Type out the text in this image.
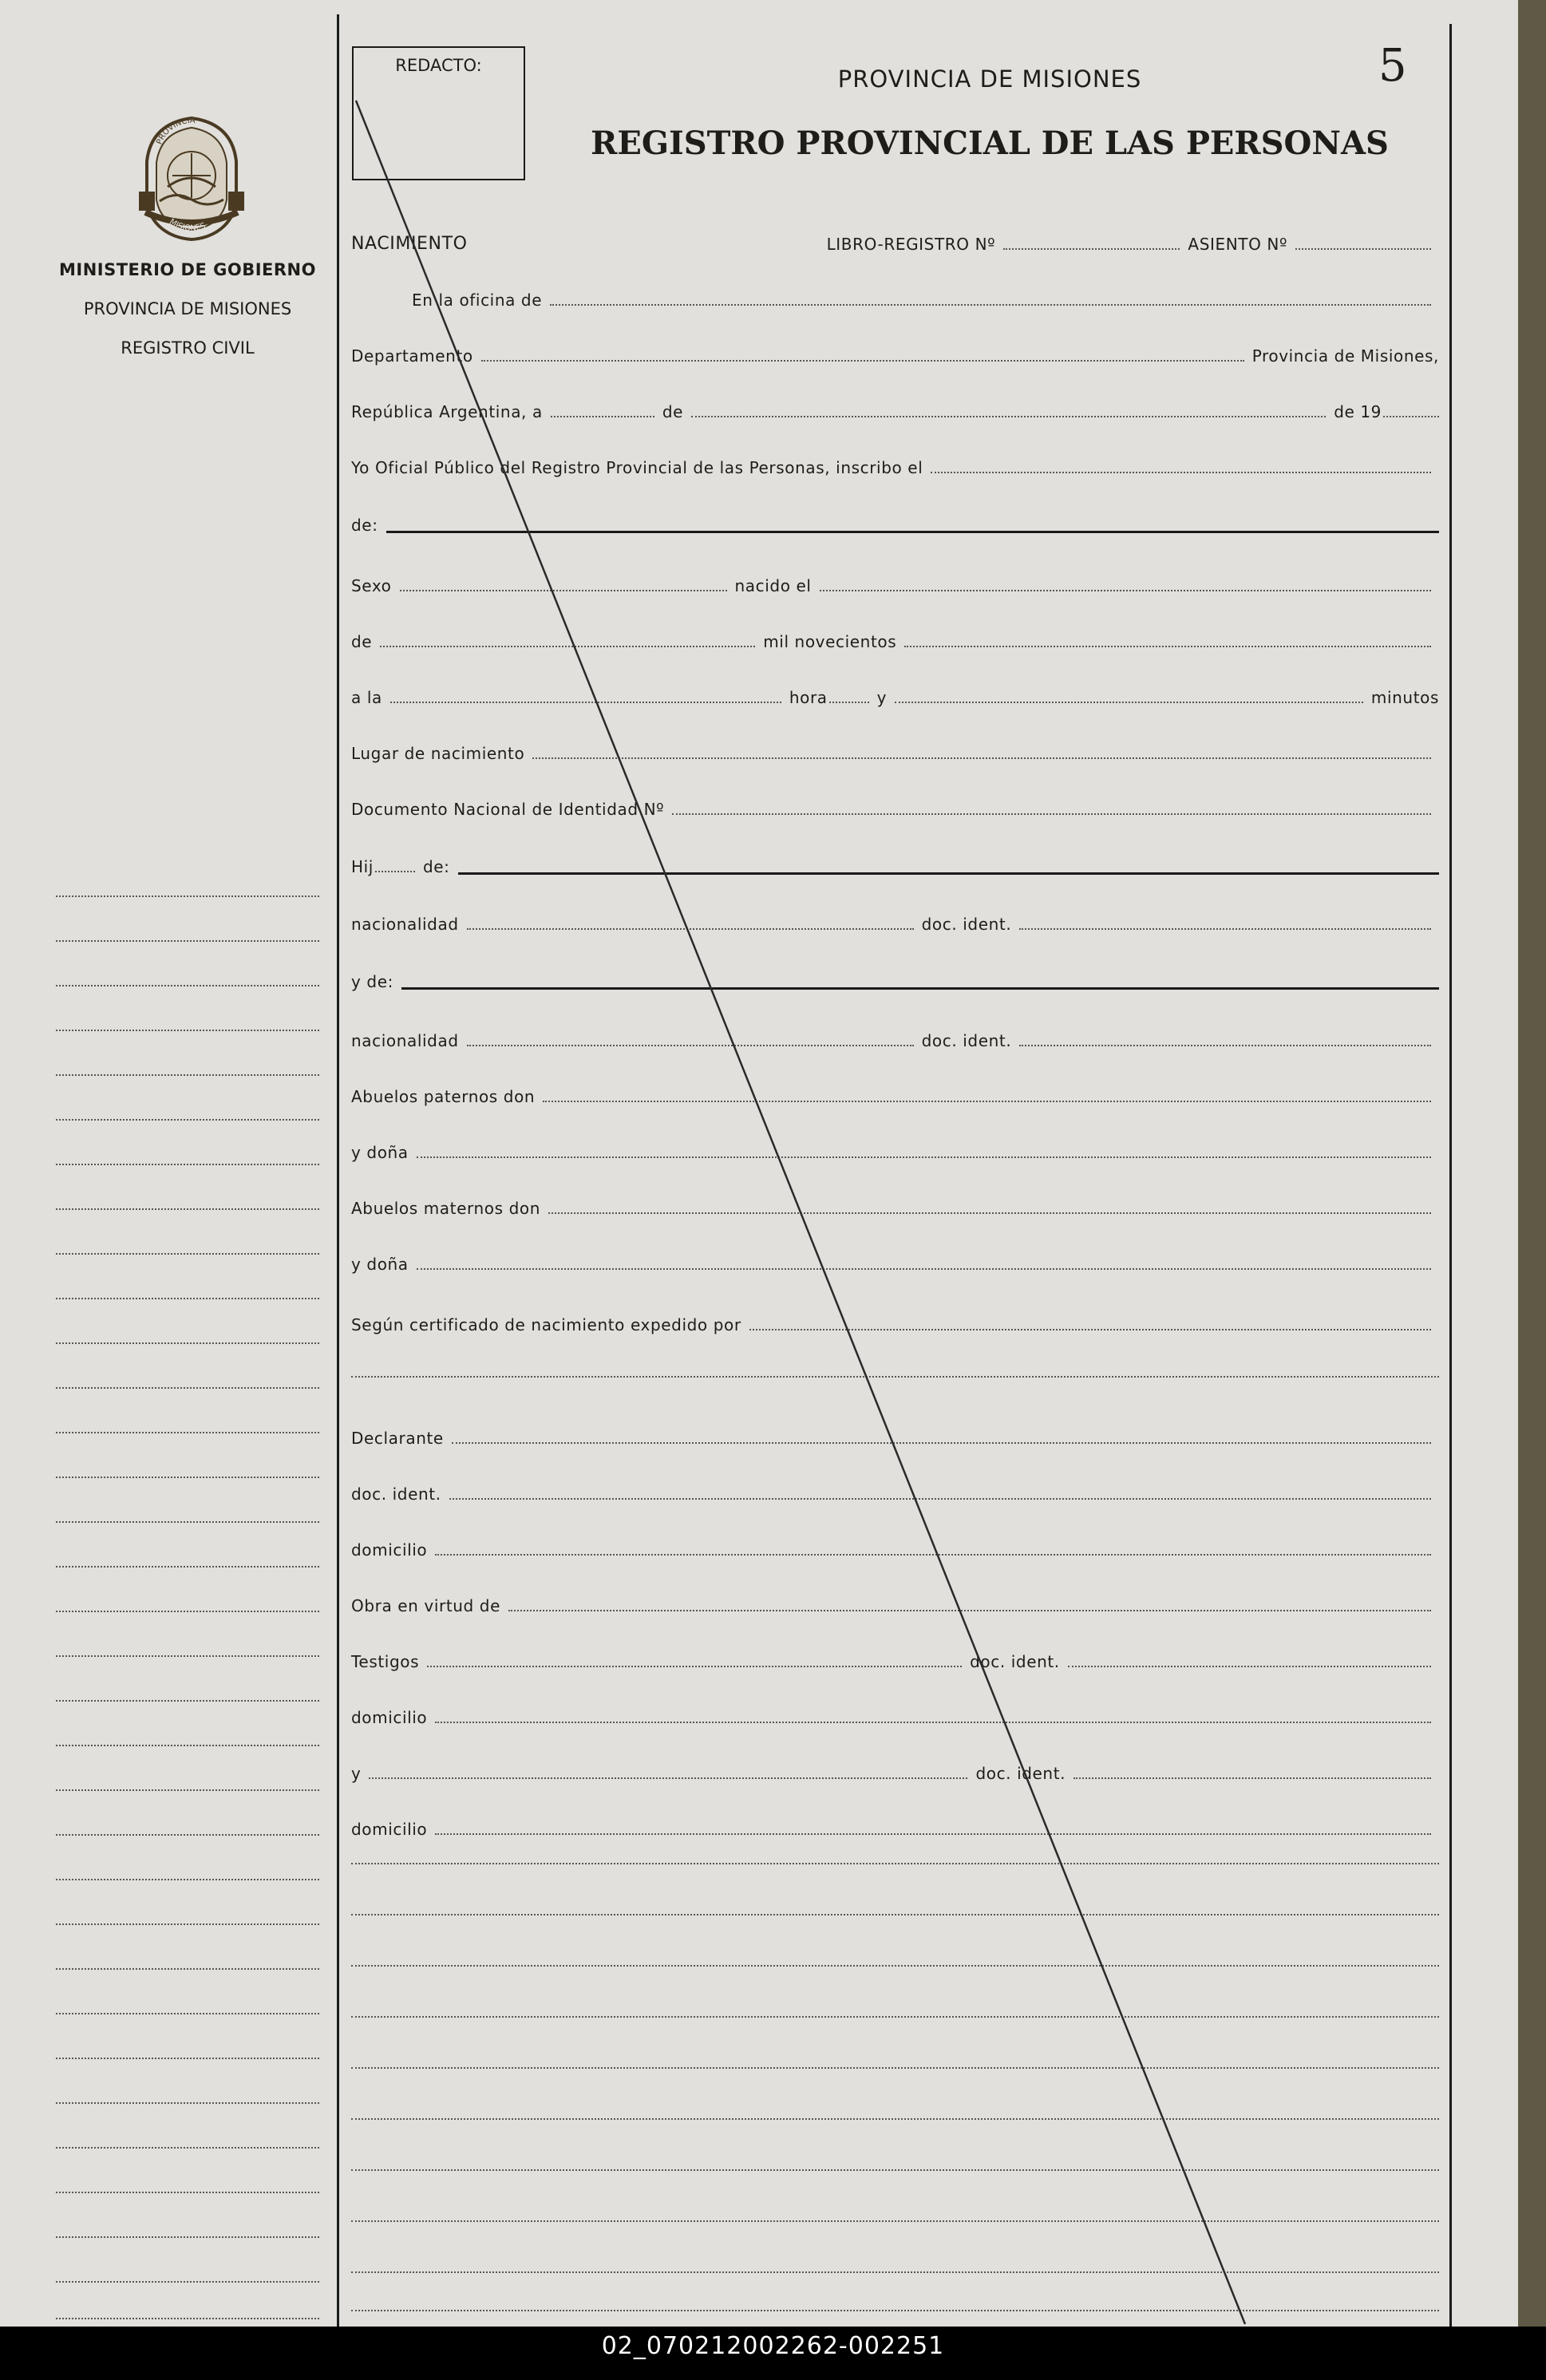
REDACTO:	5
PROVINCIA DE MISIONES
REGISTRO PROVINCIAL DE LAS PERSONAS
PROVINCIA
MISIONES
MINISTERIO DE GOBIERNO
PROVINCIA DE MISIONES
REGISTRO CIVIL
NACIMIENTO	LIBRO-REGISTRO Nº	ASIENTO Nº
En la oficina de
Departamento	Provincia de Misiones,
República Argentina, a	de	de 19
Yo Oficial Público del Registro Provincial de las Personas, inscribo el
de:
Sexo	nacido el
de	mil novecientos
a la	hora	y	minutos
Lugar de nacimiento
Documento Nacional de Identidad Nº
Hij	de:
nacionalidad	doc. ident.
y de:
nacionalidad	doc. ident.
Abuelos paternos don
y doña
Abuelos maternos don
y doña
Según certificado de nacimiento expedido por
Declarante
doc. ident.
domicilio
Obra en virtud de
Testigos	doc. ident.
domicilio
y	doc. ident.
domicilio
02_070212002262-002251
